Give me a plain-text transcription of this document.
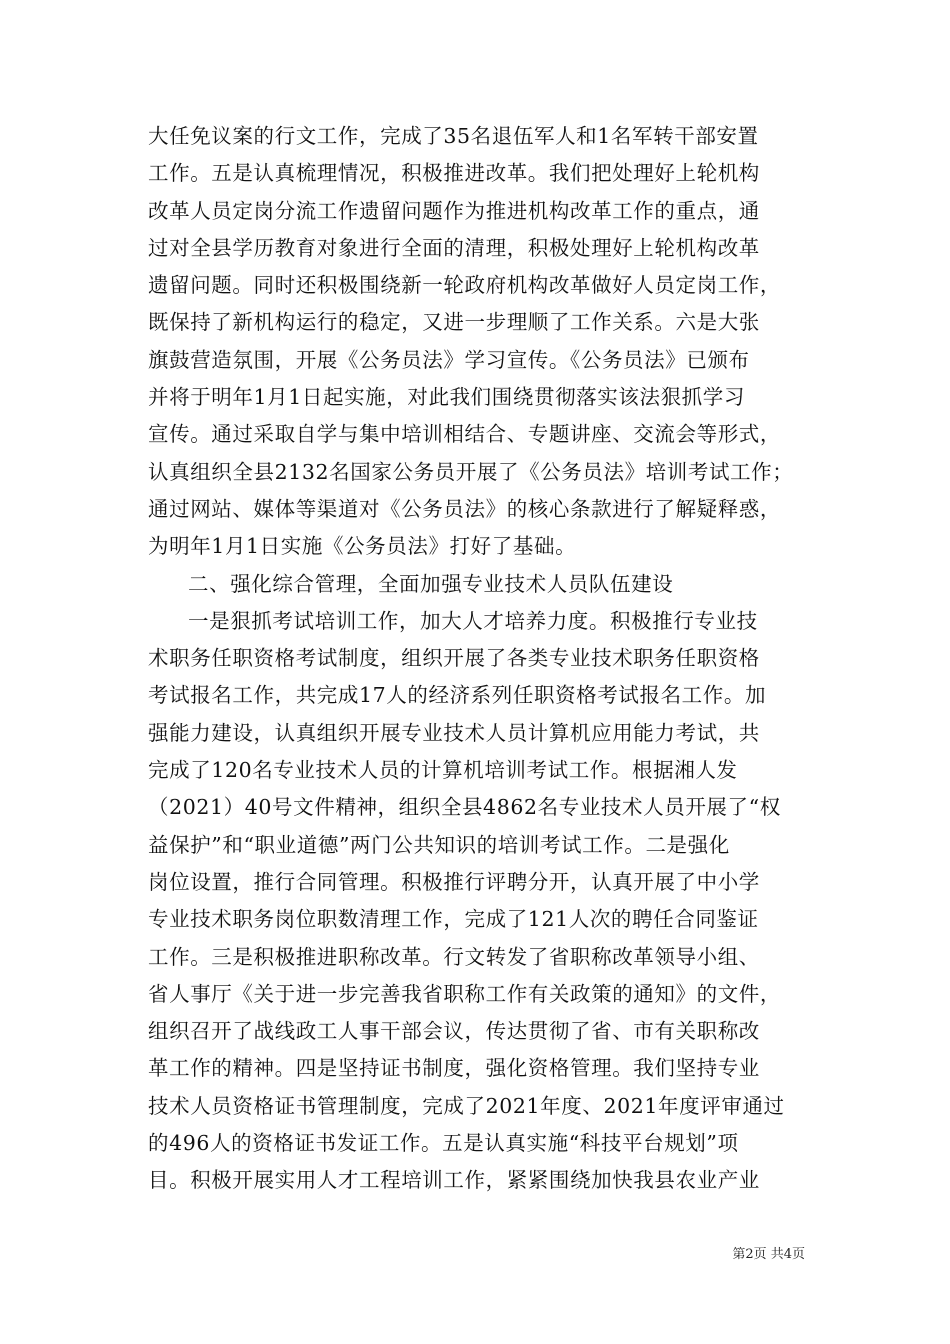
大任免议案的行文工作，完成了35名退伍军人和1名军转干部安置
工作。五是认真梳理情况，积极推进改革。我们把处理好上轮机构
改革人员定岗分流工作遗留问题作为推进机构改革工作的重点，通
过对全县学历教育对象进行全面的清理，积极处理好上轮机构改革
遗留问题。同时还积极围绕新一轮政府机构改革做好人员定岗工作，
既保持了新机构运行的稳定，又进一步理顺了工作关系。六是大张
旗鼓营造氛围，开展《公务员法》学习宣传。《公务员法》已颁布
并将于明年1月1日起实施，对此我们围绕贯彻落实该法狠抓学习
宣传。通过采取自学与集中培训相结合、专题讲座、交流会等形式，
认真组织全县2132名国家公务员开展了《公务员法》培训考试工作；
通过网站、媒体等渠道对《公务员法》的核心条款进行了解疑释惑，
为明年1月1日实施《公务员法》打好了基础。
二、强化综合管理，全面加强专业技术人员队伍建设
一是狠抓考试培训工作，加大人才培养力度。积极推行专业技
术职务任职资格考试制度，组织开展了各类专业技术职务任职资格
考试报名工作，共完成17人的经济系列任职资格考试报名工作。加
强能力建设，认真组织开展专业技术人员计算机应用能力考试，共
完成了120名专业技术人员的计算机培训考试工作。根据湘人发
（2021）40号文件精神，组织全县4862名专业技术人员开展了“权
益保护”和“职业道德”两门公共知识的培训考试工作。二是强化
岗位设置，推行合同管理。积极推行评聘分开，认真开展了中小学
专业技术职务岗位职数清理工作，完成了121人次的聘任合同鉴证
工作。三是积极推进职称改革。行文转发了省职称改革领导小组、
省人事厅《关于进一步完善我省职称工作有关政策的通知》的文件，
组织召开了战线政工人事干部会议，传达贯彻了省、市有关职称改
革工作的精神。四是坚持证书制度，强化资格管理。我们坚持专业
技术人员资格证书管理制度，完成了2021年度、2021年度评审通过
的496人的资格证书发证工作。五是认真实施“科技平台规划”项
目。积极开展实用人才工程培训工作，紧紧围绕加快我县农业产业
第2页 共4页
